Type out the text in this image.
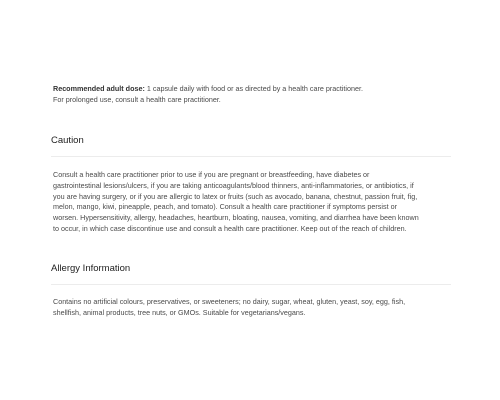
Recommended adult dose: 1 capsule daily with food or as directed by a health care practitioner.
For prolonged use, consult a health care practitioner.
Caution
Consult a health care practitioner prior to use if you are pregnant or breastfeeding, have diabetes or
gastrointestinal lesions/ulcers, if you are taking anticoagulants/blood thinners, anti-inflammatories, or antibiotics, if
you are having surgery, or if you are allergic to latex or fruits (such as avocado, banana, chestnut, passion fruit, fig,
melon, mango, kiwi, pineapple, peach, and tomato). Consult a health care practitioner if symptoms persist or
worsen. Hypersensitivity, allergy, headaches, heartburn, bloating, nausea, vomiting, and diarrhea have been known
to occur, in which case discontinue use and consult a health care practitioner. Keep out of the reach of children.
Allergy Information
Contains no artificial colours, preservatives, or sweeteners; no dairy, sugar, wheat, gluten, yeast, soy, egg, fish,
shellfish, animal products, tree nuts, or GMOs. Suitable for vegetarians/vegans.
